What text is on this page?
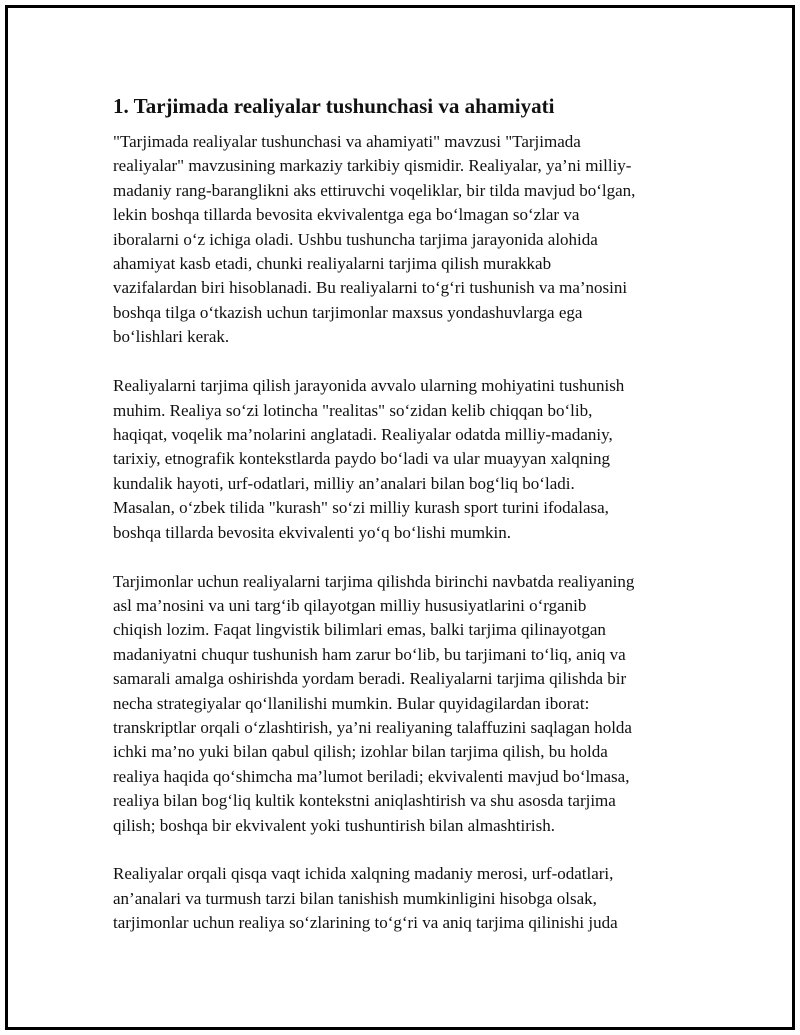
1. Tarjimada realiyalar tushunchasi va ahamiyati

"Tarjimada realiyalar tushunchasi va ahamiyati" mavzusi "Tarjimada

realiyalar" mavzusining markaziy tarkibiy qismidir. Realiyalar, ya’ni milliy-

madaniy rang-baranglikni aks ettiruvchi voqeliklar, bir tilda mavjud bo‘lgan,

lekin boshqa tillarda bevosita ekvivalentga ega bo‘lmagan so‘zlar va

iboralarni o‘z ichiga oladi. Ushbu tushuncha tarjima jarayonida alohida

ahamiyat kasb etadi, chunki realiyalarni tarjima qilish murakkab

vazifalardan biri hisoblanadi. Bu realiyalarni to‘g‘ri tushunish va ma’nosini

boshqa tilga o‘tkazish uchun tarjimonlar maxsus yondashuvlarga ega

bo‘lishlari kerak.

Realiyalarni tarjima qilish jarayonida avvalo ularning mohiyatini tushunish

muhim. Realiya so‘zi lotincha "realitas" so‘zidan kelib chiqqan bo‘lib,

haqiqat, voqelik ma’nolarini anglatadi. Realiyalar odatda milliy-madaniy,

tarixiy, etnografik kontekstlarda paydo bo‘ladi va ular muayyan xalqning

kundalik hayoti, urf-odatlari, milliy an’analari bilan bog‘liq bo‘ladi.

Masalan, o‘zbek tilida "kurash" so‘zi milliy kurash sport turini ifodalasa,

boshqa tillarda bevosita ekvivalenti yo‘q bo‘lishi mumkin.

Tarjimonlar uchun realiyalarni tarjima qilishda birinchi navbatda realiyaning

asl ma’nosini va uni targ‘ib qilayotgan milliy hususiyatlarini o‘rganib

chiqish lozim. Faqat lingvistik bilimlari emas, balki tarjima qilinayotgan

madaniyatni chuqur tushunish ham zarur bo‘lib, bu tarjimani to‘liq, aniq va

samarali amalga oshirishda yordam beradi. Realiyalarni tarjima qilishda bir

necha strategiyalar qo‘llanilishi mumkin. Bular quyidagilardan iborat:

transkriptlar orqali o‘zlashtirish, ya’ni realiyaning talaffuzini saqlagan holda

ichki ma’no yuki bilan qabul qilish; izohlar bilan tarjima qilish, bu holda

realiya haqida qo‘shimcha ma’lumot beriladi; ekvivalenti mavjud bo‘lmasa,

realiya bilan bog‘liq kultik kontekstni aniqlashtirish va shu asosda tarjima

qilish; boshqa bir ekvivalent yoki tushuntirish bilan almashtirish.

Realiyalar orqali qisqa vaqt ichida xalqning madaniy merosi, urf-odatlari,

an’analari va turmush tarzi bilan tanishish mumkinligini hisobga olsak,

tarjimonlar uchun realiya so‘zlarining to‘g‘ri va aniq tarjima qilinishi juda
